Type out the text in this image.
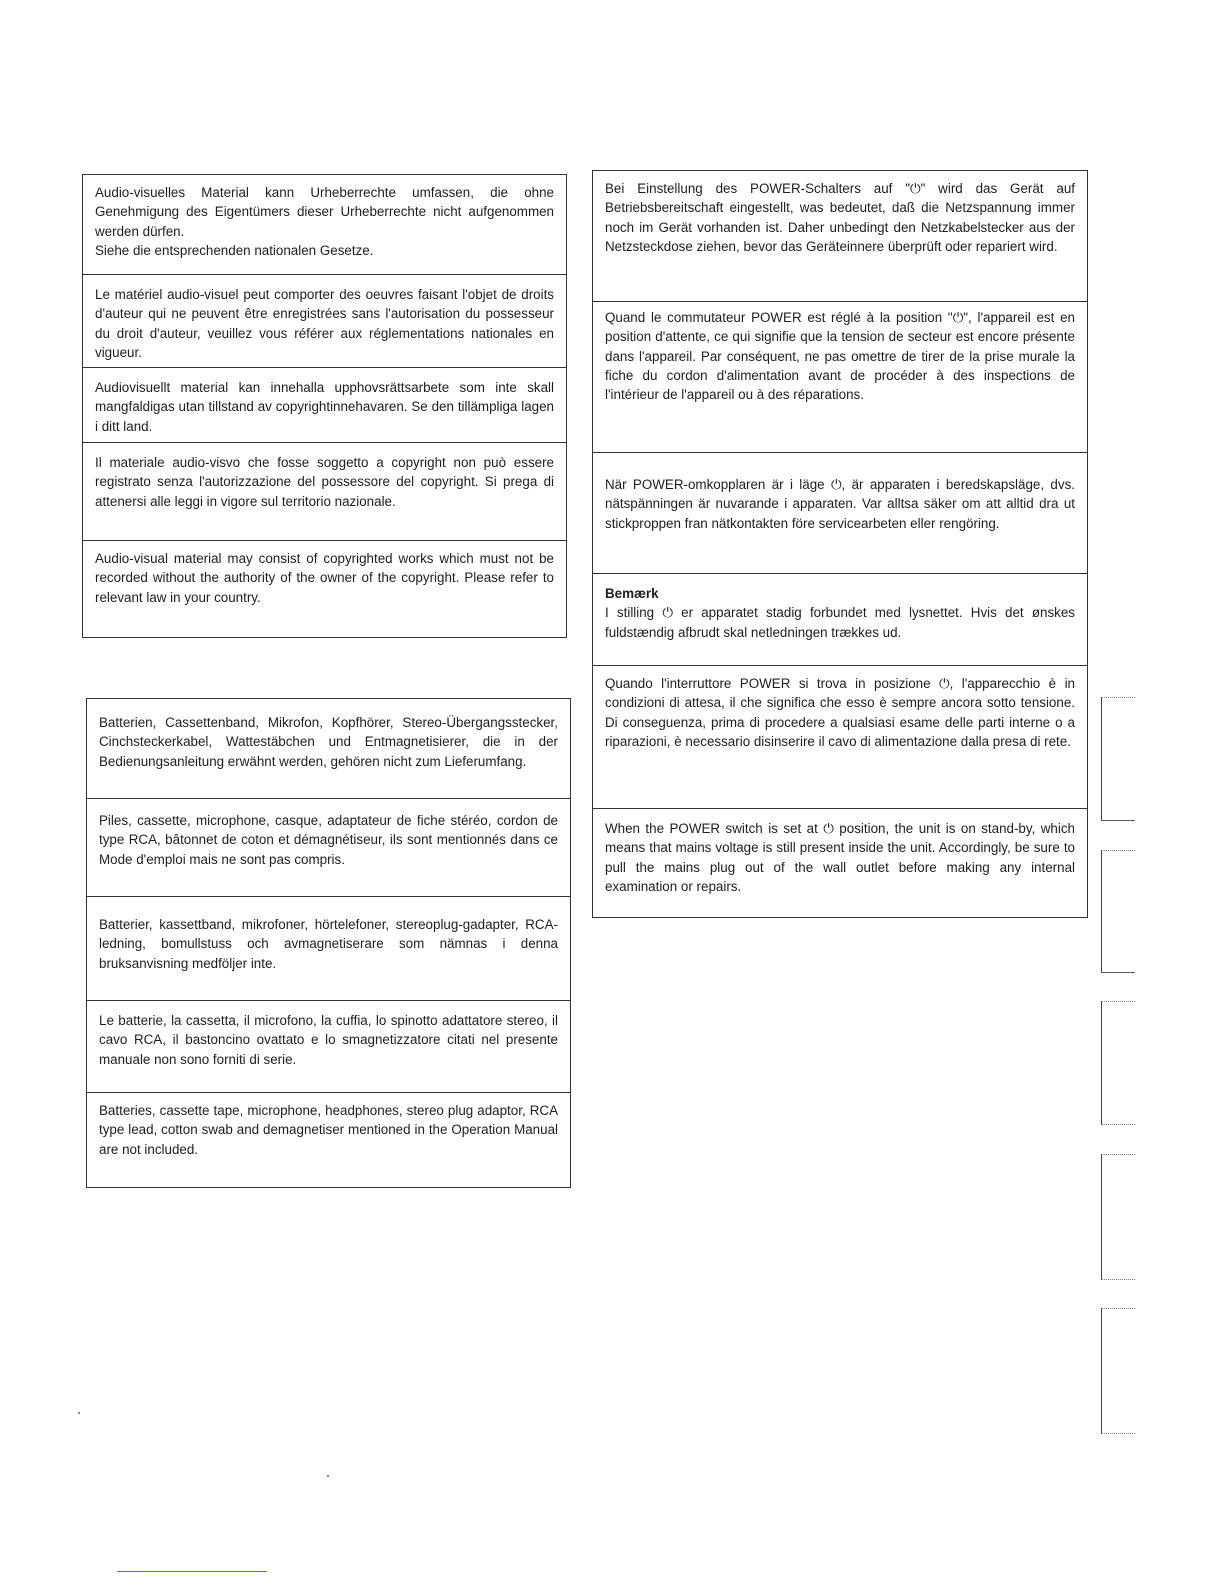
Audio-visuelles Material kann Urheberrechte umfassen, die ohne Genehmigung des Eigentümers dieser Urheberrechte nicht aufgenommen werden dürfen.

Siehe die entsprechenden nationalen Gesetze.

Le matériel audio-visuel peut comporter des oeuvres faisant l'objet de droits d'auteur qui ne peuvent être enregistrées sans l'autorisation du possesseur du droit d'auteur, veuillez vous référer aux réglementations nationales en vigueur.

Audiovisuellt material kan innehalla upphovsrättsarbete som inte skall mangfaldigas utan tillstand av copyrightinnehavaren. Se den tillämpliga lagen i ditt land.

Il materiale audio-visvo che fosse soggetto a copyright non può essere registrato senza l'autorizzazione del possessore del copyright. Si prega di attenersi alle leggi in vigore sul territorio nazionale.

Audio-visual material may consist of copyrighted works which must not be recorded without the authority of the owner of the copyright. Please refer to relevant law in your country.

Batterien, Cassettenband, Mikrofon, Kopfhörer, Stereo-Übergangsstecker, Cinchsteckerkabel, Wattestäbchen und Entmagnetisierer, die in der Bedienungsanleitung erwähnt werden, gehören nicht zum Lieferumfang.

Piles, cassette, microphone, casque, adaptateur de fiche stéréo, cordon de type RCA, bâtonnet de coton et démagnétiseur, ils sont mentionnés dans ce Mode d'emploi mais ne sont pas compris.

Batterier, kassettband, mikrofoner, hörtelefoner, stereoplug-gadapter, RCA-ledning, bomullstuss och avmagnetiserare som nämnas i denna bruksanvisning medföljer inte.

Le batterie, la cassetta, il microfono, la cuffia, lo spinotto adattatore stereo, il cavo RCA, il bastoncino ovattato e lo smagnetizzatore citati nel presente manuale non sono forniti di serie.

Batteries, cassette tape, microphone, headphones, stereo plug adaptor, RCA type lead, cotton swab and demagnetiser mentioned in the Operation Manual are not included.

Bei Einstellung des POWER-Schalters auf "⏻" wird das Gerät auf Betriebsbereitschaft eingestellt, was bedeutet, daß die Netzspannung immer noch im Gerät vorhanden ist. Daher unbedingt den Netzkabelstecker aus der Netzsteckdose ziehen, bevor das Geräteinnere überprüft oder repariert wird.

Quand le commutateur POWER est réglé à la position "⏻", l'appareil est en position d'attente, ce qui signifie que la tension de secteur est encore présente dans l'appareil. Par conséquent, ne pas omettre de tirer de la prise murale la fiche du cordon d'alimentation avant de procéder à des inspections de l'intérieur de l'appareil ou à des réparations.

När POWER-omkopplaren är i läge ⏻, är apparaten i beredskapsläge, dvs. nätspänningen är nuvarande i apparaten. Var alltsa säker om att alltid dra ut stickproppen fran nätkontakten före servicearbeten eller rengöring.

Bemærk

I stilling ⏻ er apparatet stadig forbundet med lysnettet. Hvis det ønskes fuldstændig afbrudt skal netledningen trækkes ud.

Quando l'interruttore POWER si trova in posizione ⏻, l'apparecchio è in condizioni di attesa, il che significa che esso è sempre ancora sotto tensione. Di conseguenza, prima di procedere a qualsiasi esame delle parti interne o a riparazioni, è necessario disinserire il cavo di alimentazione dalla presa di rete.

When the POWER switch is set at ⏻ position, the unit is on stand-by, which means that mains voltage is still present inside the unit. Accordingly, be sure to pull the mains plug out of the wall outlet before making any internal examination or repairs.
